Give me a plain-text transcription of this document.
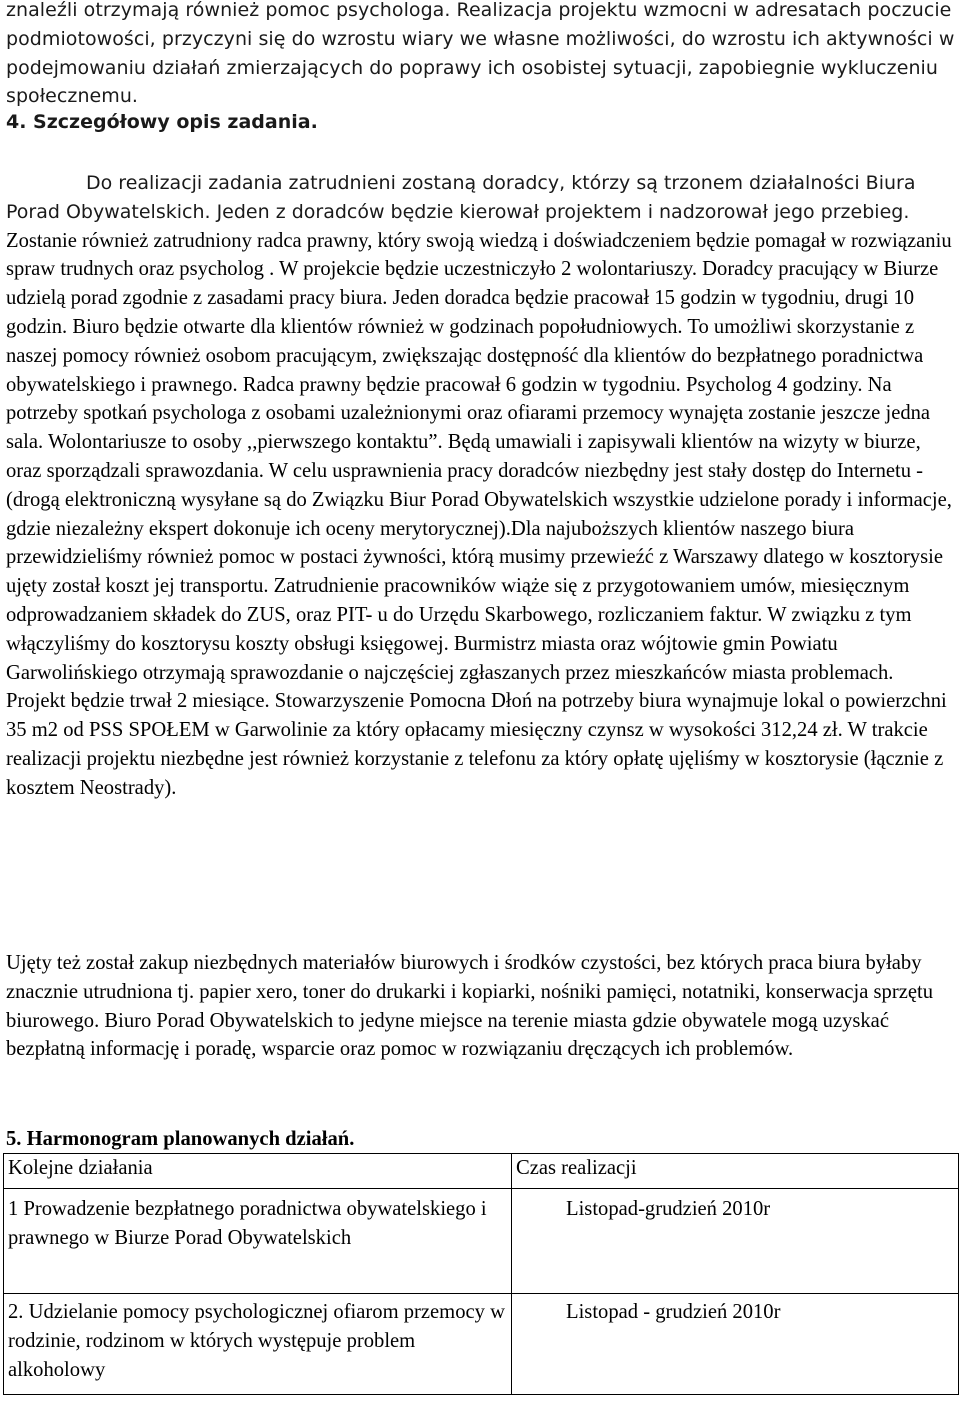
znaleźli otrzymają również pomoc psychologa. Realizacja projektu wzmocni w adresatach poczucie podmiotowości, przyczyni się do wzrostu wiary we własne możliwości, do wzrostu ich aktywności w podejmowaniu działań zmierzających do poprawy ich osobistej sytuacji, zapobiegnie wykluczeniu społecznemu.

4. Szczegółowy opis zadania.

Do realizacji zadania zatrudnieni zostaną doradcy, którzy są trzonem działalności Biura Porad Obywatelskich. Jeden z doradców będzie kierował projektem i nadzorował jego przebieg. Zostanie również zatrudniony radca prawny, który swoją wiedzą i doświadczeniem będzie pomagał w rozwiązaniu spraw trudnych oraz psycholog . W projekcie będzie uczestniczyło 2 wolontariuszy. Doradcy pracujący w Biurze udzielą porad zgodnie z zasadami pracy biura. Jeden doradca będzie pracował 15 godzin w tygodniu, drugi 10 godzin. Biuro będzie otwarte dla klientów również w godzinach popołudniowych. To umożliwi skorzystanie z naszej pomocy również osobom pracującym, zwiększając dostępność dla klientów do bezpłatnego poradnictwa obywatelskiego i prawnego. Radca prawny będzie pracował 6 godzin w tygodniu. Psycholog 4 godziny. Na potrzeby spotkań psychologa z osobami uzależnionymi oraz ofiarami przemocy wynajęta zostanie jeszcze jedna sala. Wolontariusze to osoby ,,pierwszego kontaktu”. Będą umawiali i zapisywali klientów na wizyty w biurze, oraz sporządzali sprawozdania. W celu usprawnienia pracy doradców niezbędny jest stały dostęp do Internetu - (drogą elektroniczną wysyłane są do Związku Biur Porad Obywatelskich wszystkie udzielone porady i informacje, gdzie niezależny ekspert dokonuje ich oceny merytorycznej).Dla najuboższych klientów naszego biura przewidzieliśmy również pomoc w postaci żywności, którą musimy przewieźć z Warszawy dlatego w kosztorysie ujęty został koszt jej transportu. Zatrudnienie pracowników wiąże się z przygotowaniem umów, miesięcznym odprowadzaniem składek do ZUS, oraz PIT- u do Urzędu Skarbowego, rozliczaniem faktur. W związku z tym włączyliśmy do kosztorysu koszty obsługi księgowej. Burmistrz miasta oraz wójtowie gmin Powiatu Garwolińskiego otrzymają sprawozdanie o najczęściej zgłaszanych przez mieszkańców miasta problemach. Projekt będzie trwał 2 miesiące. Stowarzyszenie Pomocna Dłoń na potrzeby biura wynajmuje lokal o powierzchni 35 m2 od PSS SPOŁEM w Garwolinie za który opłacamy miesięczny czynsz w wysokości 312,24 zł. W trakcie realizacji projektu niezbędne jest również korzystanie z telefonu za który opłatę ujęliśmy w kosztorysie (łącznie z kosztem Neostrady).

Ujęty też został zakup niezbędnych materiałów biurowych i środków czystości, bez których praca biura byłaby znacznie utrudniona tj. papier xero, toner do drukarki i kopiarki, nośniki pamięci, notatniki, konserwacja sprzętu biurowego. Biuro Porad Obywatelskich to jedyne miejsce na terenie miasta gdzie obywatele mogą uzyskać bezpłatną informację i poradę, wsparcie oraz pomoc w rozwiązaniu dręczących ich problemów.

5. Harmonogram planowanych działań.

Kolejne działania	Czas realizacji
1 Prowadzenie bezpłatnego poradnictwa obywatelskiego i prawnego w Biurze Porad Obywatelskich	Listopad-grudzień 2010r
2. Udzielanie pomocy psychologicznej ofiarom przemocy w rodzinie, rodzinom w których występuje problem alkoholowy	Listopad - grudzień 2010r
